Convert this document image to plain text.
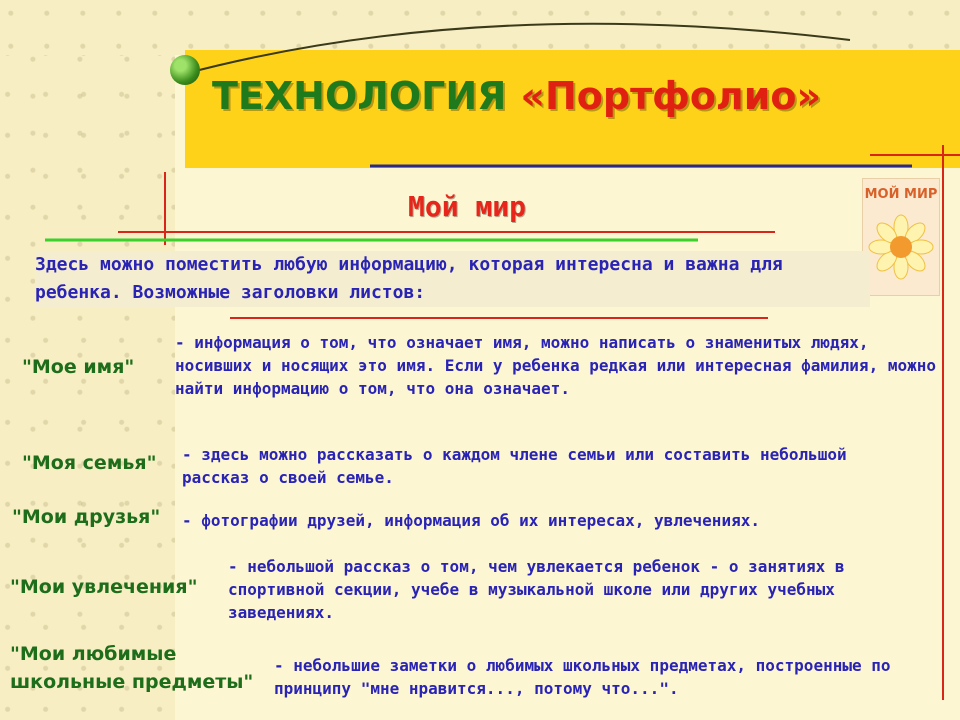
ТЕХНОЛОГИЯ «Портфолио»
Мой мир	МОЙ МИР

Здесь можно поместить любую информацию, которая интересна и важна для ребенка. Возможные заголовки листов:

"Мое имя"

- информация о том, что означает имя, можно написать о знаменитых людях, носивших и носящих это имя. Если у ребенка редкая или интересная фамилия, можно найти информацию о том, что она означает.

"Моя семья" - здесь можно рассказать о каждом члене семьи или составить небольшой рассказ о своей семье.

"Мои друзья" - фотографии друзей, информация об их интересах, увлечениях.

"Мои увлечения"

- небольшой рассказ о том, чем увлекается ребенок - о занятиях в спортивной секции, учебе в музыкальной школе или других учебных заведениях.

"Мои любимые школьные предметы"

- небольшие заметки о любимых школьных предметах, построенные по принципу "мне нравится..., потому что...".
